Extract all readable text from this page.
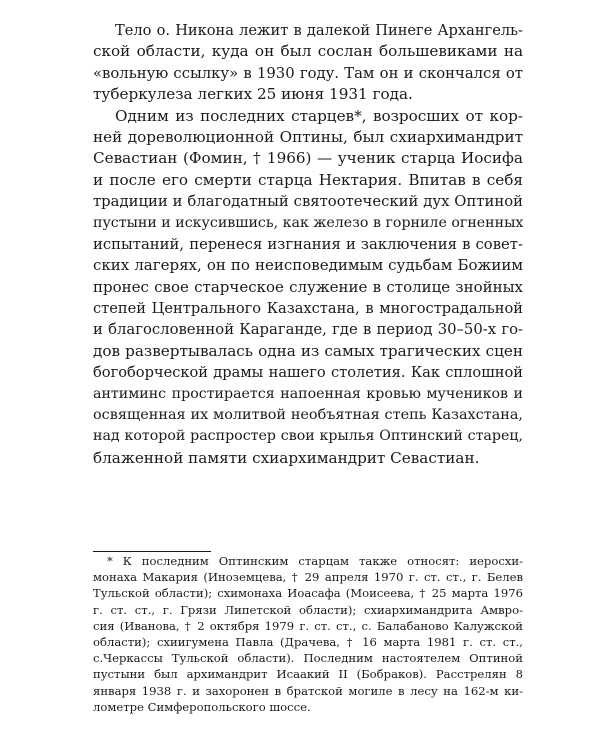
Тело о. Никона лежит в далекой Пинеге Архангель-
ской области, куда он был сослан большевиками на
«вольную ссылку» в 1930 году. Там он и скончался от
туберкулеза легких 25 июня 1931 года.
Одним из последних старцев*, возросших от кор-
ней дореволюционной Оптины, был схиархимандрит
Севастиан (Фомин, † 1966) — ученик старца Иосифа
и после его смерти старца Нектария. Впитав в себя
традиции и благодатный святоотеческий дух Оптиной
пустыни и искусившись, как железо в горниле огненных
испытаний, перенеся изгнания и заключения в совет-
ских лагерях, он по неисповедимым судьбам Божиим
пронес свое старческое служение в столице знойных
степей Центрального Казахстана, в многострадальной
и благословенной Караганде, где в период 30–50-х го-
дов развертывалась одна из самых трагических сцен
богоборческой драмы нашего столетия. Как сплошной
антиминс простирается напоенная кровью мучеников и
освященная их молитвой необъятная степь Казахстана,
над которой распростер свои крылья Оптинский старец,
блаженной памяти схиархимандрит Севастиан.
* К последним Оптинским старцам также относят: иеросхи-
монаха Макария (Иноземцева, † 29 апреля 1970 г. ст. ст., г. Белев
Тульской области); схимонаха Иоасафа (Моисеева, † 25 марта 1976
г. ст. ст., г. Грязи Липетской области); схиархимандрита Амвро-
сия (Иванова, † 2 октября 1979 г. ст. ст., с. Балабаново Калужской
области); схиигумена Павла (Драчева, † 16 марта 1981 г. ст. ст.,
с.Черкассы Тульской области). Последним настоятелем Оптиной
пустыни был архимандрит Исаакий II (Бобраков). Расстрелян 8
января 1938 г. и захоронен в братской могиле в лесу на 162-м ки-
лометре Симферопольского шоссе.
